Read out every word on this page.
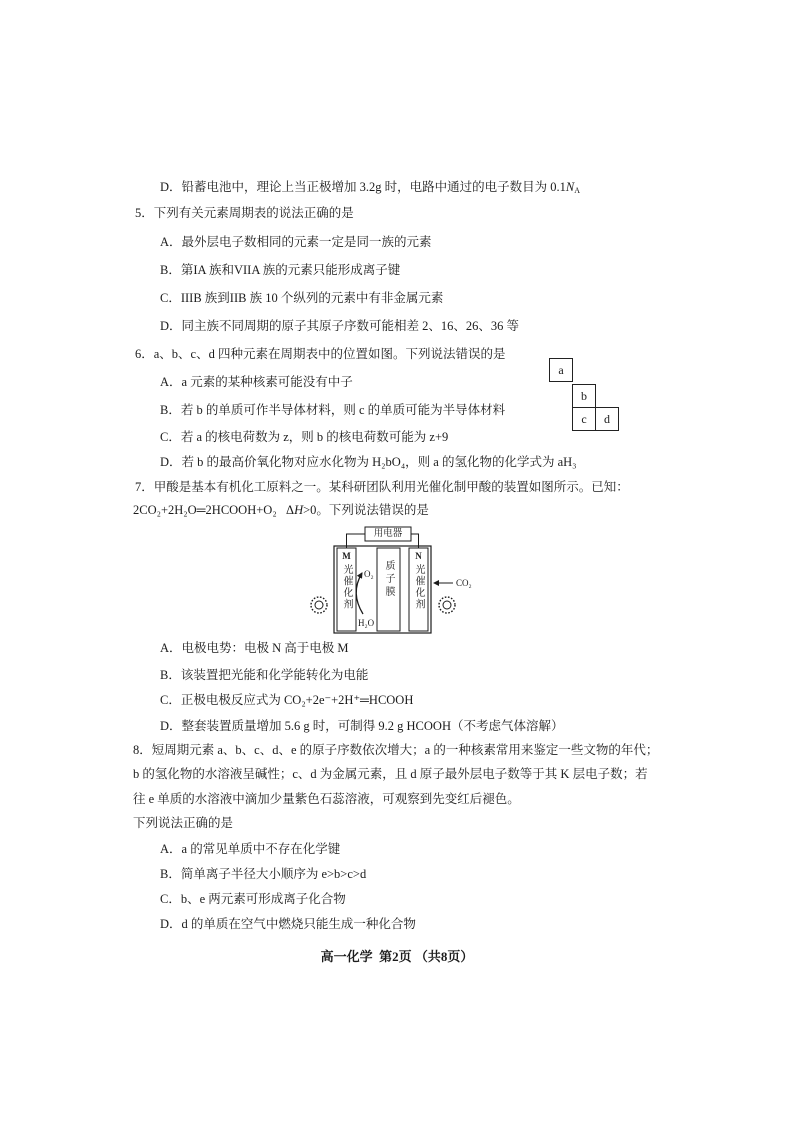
D．铅蓄电池中，理论上当正极增加 3.2g 时，电路中通过的电子数目为 $0.1N_A$
5．下列有关元素周期表的说法正确的是
A．最外层电子数相同的元素一定是同一族的元素
B．第IA 族和VIIA 族的元素只能形成离子键
C．IIIB 族到IIB 族 10 个纵列的元素中有非金属元素
D．同主族不同周期的原子其原子序数可能相差 2、16、26、36 等
6．a、b、c、d 四种元素在周期表中的位置如图。下列说法错误的是
A．a 元素的某种核素可能没有中子
B．若 b 的单质可作半导体材料，则 c 的单质可能为半导体材料
C．若 a 的核电荷数为 z，则 b 的核电荷数可能为 z+9
D．若 b 的最高价氧化物对应水化物为 H₂bO₄，则 a 的氢化物的化学式为 aH₃
a
b
c	d
7．甲酸是基本有机化工原料之一。某科研团队利用光催化制甲酸的装置如图所示。已知：
2CO₂+2H₂O═2HCOOH+O₂   ΔH>0。下列说法错误的是
用电器
M
光催化剂
N
光催化剂
质子膜
O₂
H₂O
CO₂
A．电极电势：电极 N 高于电极 M
B．该装置把光能和化学能转化为电能
C．正极电极反应式为 CO₂+2e⁻+2H⁺═HCOOH
D．整套装置质量增加 5.6 g 时，可制得 9.2 g HCOOH（不考虑气体溶解）
8．短周期元素 a、b、c、d、e 的原子序数依次增大；a 的一种核素常用来鉴定一些文物的年代；
b 的氢化物的水溶液呈碱性；c、d 为金属元素，且 d 原子最外层电子数等于其 K 层电子数；若
往 e 单质的水溶液中滴加少量紫色石蕊溶液，可观察到先变红后褪色。
下列说法正确的是
A．a 的常见单质中不存在化学键
B．简单离子半径大小顺序为 e>b>c>d
C．b、e 两元素可形成离子化合物
D．d 的单质在空气中燃烧只能生成一种化合物
高一化学  第2页 （共8页）
